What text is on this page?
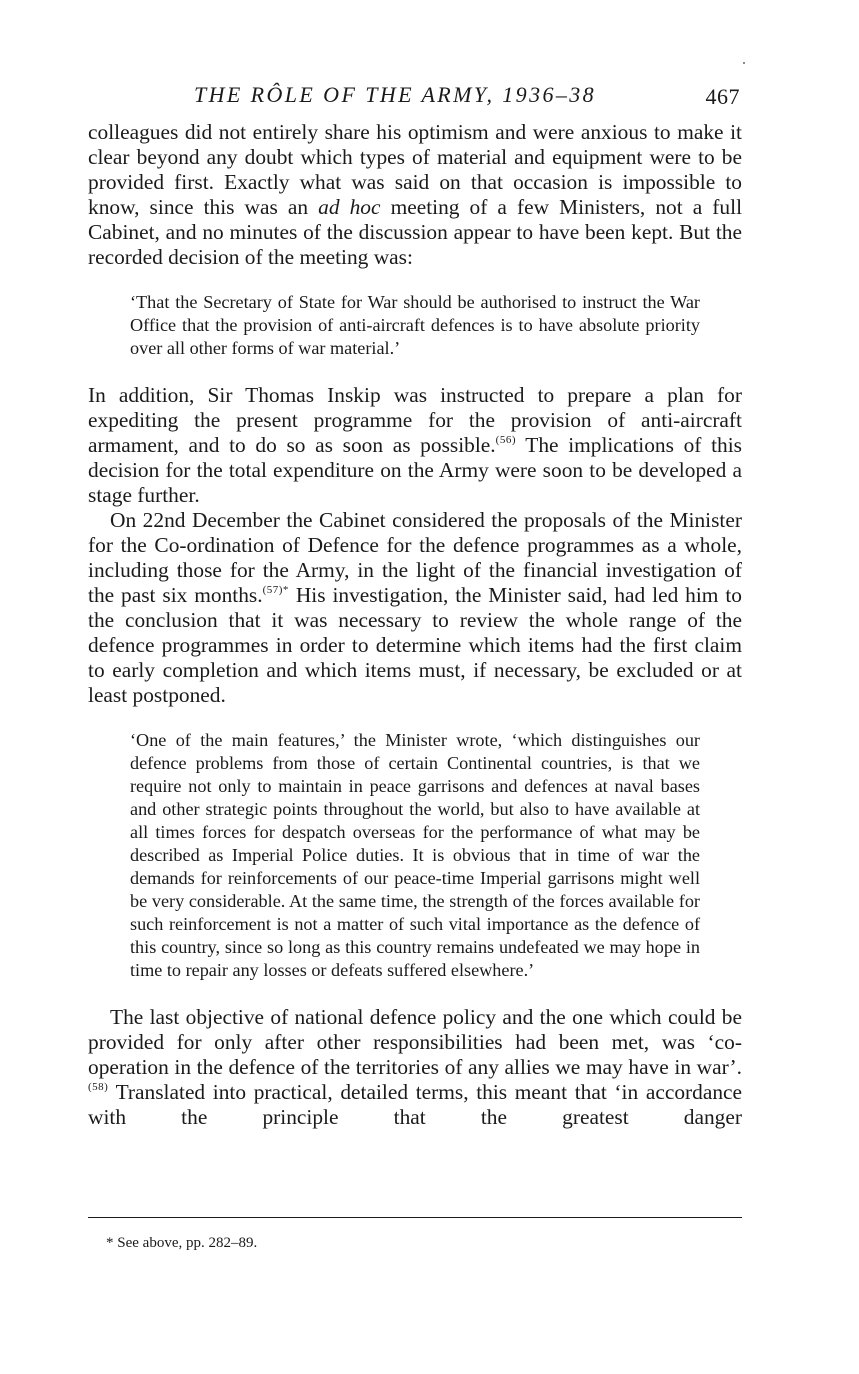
THE RÔLE OF THE ARMY, 1936–38	467

colleagues did not entirely share his optimism and were anxious to make it clear beyond any doubt which types of material and equipment were to be provided first. Exactly what was said on that occasion is impossible to know, since this was an ad hoc meeting of a few Ministers, not a full Cabinet, and no minutes of the discussion appear to have been kept. But the recorded decision of the meeting was:

‘That the Secretary of State for War should be authorised to instruct the War Office that the provision of anti-aircraft defences is to have absolute priority over all other forms of war material.’

In addition, Sir Thomas Inskip was instructed to prepare a plan for expediting the present programme for the provision of anti-aircraft armament, and to do so as soon as possible.$^{(56)}$ The implications of this decision for the total expenditure on the Army were soon to be developed a stage further.

On 22nd December the Cabinet considered the proposals of the Minister for the Co-ordination of Defence for the defence programmes as a whole, including those for the Army, in the light of the financial investigation of the past six months.$^{(57)*}$ His investigation, the Minister said, had led him to the conclusion that it was necessary to review the whole range of the defence programmes in order to determine which items had the first claim to early completion and which items must, if necessary, be excluded or at least postponed.

‘One of the main features,’ the Minister wrote, ‘which distinguishes our defence problems from those of certain Continental countries, is that we require not only to maintain in peace garrisons and defences at naval bases and other strategic points throughout the world, but also to have available at all times forces for despatch overseas for the performance of what may be described as Imperial Police duties. It is obvious that in time of war the demands for reinforcements of our peace-time Imperial garrisons might well be very considerable. At the same time, the strength of the forces available for such reinforcement is not a matter of such vital importance as the defence of this country, since so long as this country remains undefeated we may hope in time to repair any losses or defeats suffered elsewhere.’

The last objective of national defence policy and the one which could be provided for only after other responsibilities had been met, was ‘co-operation in the defence of the territories of any allies we may have in war’.$^{(58)}$ Translated into practical, detailed terms, this meant that ‘in accordance with the principle that the greatest danger

* See above, pp. 282–89.
